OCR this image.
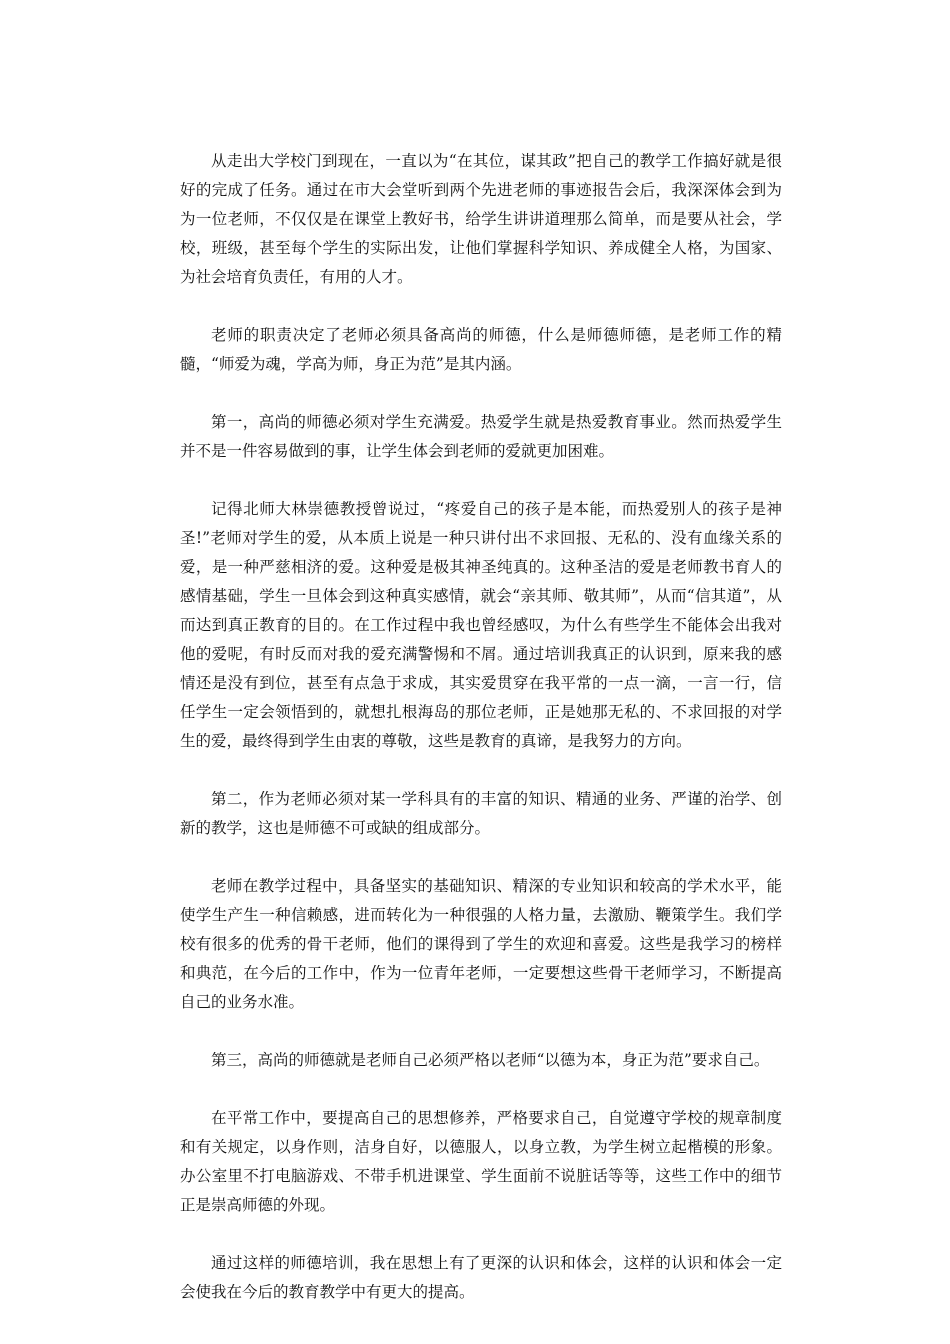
从走出大学校门到现在，一直以为“在其位，谋其政”把自己的教学工作搞好就是很好的完成了任务。通过在市大会堂听到两个先进老师的事迹报告会后，我深深体会到为为一位老师，不仅仅是在课堂上教好书，给学生讲讲道理那么简单，而是要从社会，学校，班级，甚至每个学生的实际出发，让他们掌握科学知识、养成健全人格，为国家、为社会培育负责任，有用的人才。

老师的职责决定了老师必须具备高尚的师德，什么是师德师德，是老师工作的精髓，“师爱为魂，学高为师，身正为范”是其内涵。

第一，高尚的师德必须对学生充满爱。热爱学生就是热爱教育事业。然而热爱学生并不是一件容易做到的事，让学生体会到老师的爱就更加困难。

记得北师大林崇德教授曾说过，“疼爱自己的孩子是本能，而热爱别人的孩子是神圣!”老师对学生的爱，从本质上说是一种只讲付出不求回报、无私的、没有血缘关系的爱，是一种严慈相济的爱。这种爱是极其神圣纯真的。这种圣洁的爱是老师教书育人的感情基础，学生一旦体会到这种真实感情，就会“亲其师、敬其师”，从而“信其道”，从而达到真正教育的目的。在工作过程中我也曾经感叹，为什么有些学生不能体会出我对他的爱呢，有时反而对我的爱充满警惕和不屑。通过培训我真正的认识到，原来我的感情还是没有到位，甚至有点急于求成，其实爱贯穿在我平常的一点一滴，一言一行，信任学生一定会领悟到的，就想扎根海岛的那位老师，正是她那无私的、不求回报的对学生的爱，最终得到学生由衷的尊敬，这些是教育的真谛，是我努力的方向。

第二，作为老师必须对某一学科具有的丰富的知识、精通的业务、严谨的治学、创新的教学，这也是师德不可或缺的组成部分。

老师在教学过程中，具备坚实的基础知识、精深的专业知识和较高的学术水平，能使学生产生一种信赖感，进而转化为一种很强的人格力量，去激励、鞭策学生。我们学校有很多的优秀的骨干老师，他们的课得到了学生的欢迎和喜爱。这些是我学习的榜样和典范，在今后的工作中，作为一位青年老师，一定要想这些骨干老师学习，不断提高自己的业务水准。

第三，高尚的师德就是老师自己必须严格以老师“以德为本，身正为范”要求自己。

在平常工作中，要提高自己的思想修养，严格要求自己，自觉遵守学校的规章制度和有关规定，以身作则，洁身自好，以德服人，以身立教，为学生树立起楷模的形象。办公室里不打电脑游戏、不带手机进课堂、学生面前不说脏话等等，这些工作中的细节正是崇高师德的外现。

通过这样的师德培训，我在思想上有了更深的认识和体会，这样的认识和体会一定会使我在今后的教育教学中有更大的提高。
